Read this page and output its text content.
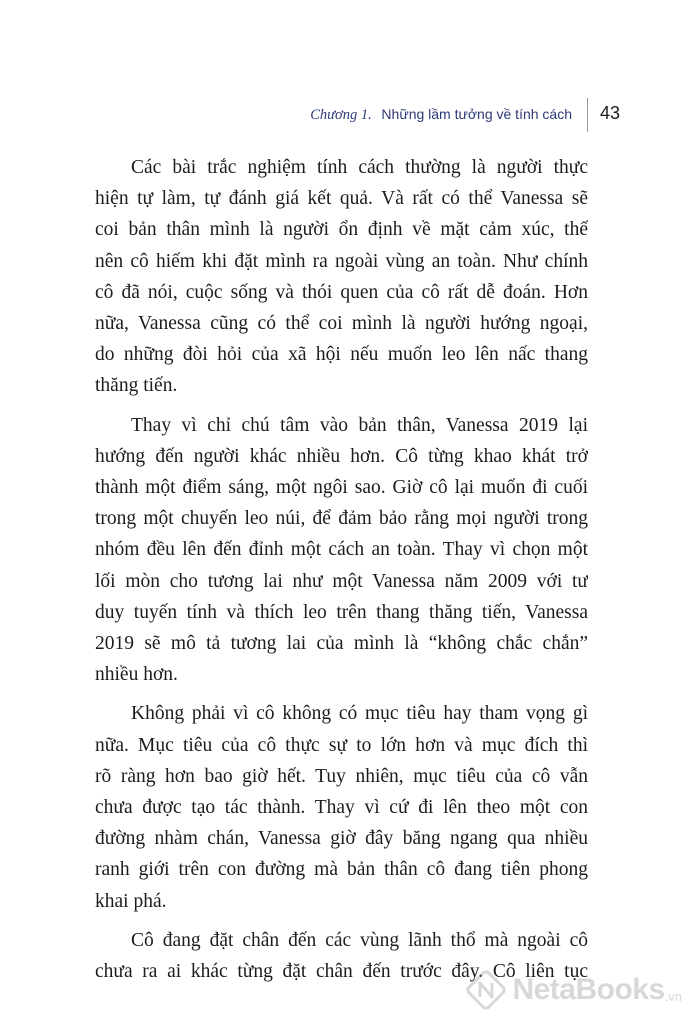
Chương 1. Những lầm tưởng về tính cách 43

Các bài trắc nghiệm tính cách thường là người thực
hiện tự làm, tự đánh giá kết quả. Và rất có thể Vanessa sẽ
coi bản thân mình là người ổn định về mặt cảm xúc, thế
nên cô hiếm khi đặt mình ra ngoài vùng an toàn. Như chính
cô đã nói, cuộc sống và thói quen của cô rất dễ đoán. Hơn
nữa, Vanessa cũng có thể coi mình là người hướng ngoại,
do những đòi hỏi của xã hội nếu muốn leo lên nấc thang
thăng tiến.

Thay vì chỉ chú tâm vào bản thân, Vanessa 2019 lại
hướng đến người khác nhiều hơn. Cô từng khao khát trở
thành một điểm sáng, một ngôi sao. Giờ cô lại muốn đi cuối
trong một chuyến leo núi, để đảm bảo rằng mọi người trong
nhóm đều lên đến đỉnh một cách an toàn. Thay vì chọn một
lối mòn cho tương lai như một Vanessa năm 2009 với tư
duy tuyến tính và thích leo trên thang thăng tiến, Vanessa
2019 sẽ mô tả tương lai của mình là “không chắc chắn”
nhiều hơn.

Không phải vì cô không có mục tiêu hay tham vọng gì
nữa. Mục tiêu của cô thực sự to lớn hơn và mục đích thì
rõ ràng hơn bao giờ hết. Tuy nhiên, mục tiêu của cô vẫn
chưa được tạo tác thành. Thay vì cứ đi lên theo một con
đường nhàm chán, Vanessa giờ đây băng ngang qua nhiều
ranh giới trên con đường mà bản thân cô đang tiên phong
khai phá.

Cô đang đặt chân đến các vùng lãnh thổ mà ngoài cô
chưa ra ai khác từng đặt chân đến trước đây. Cô liên tục

NetaBooks .vn
